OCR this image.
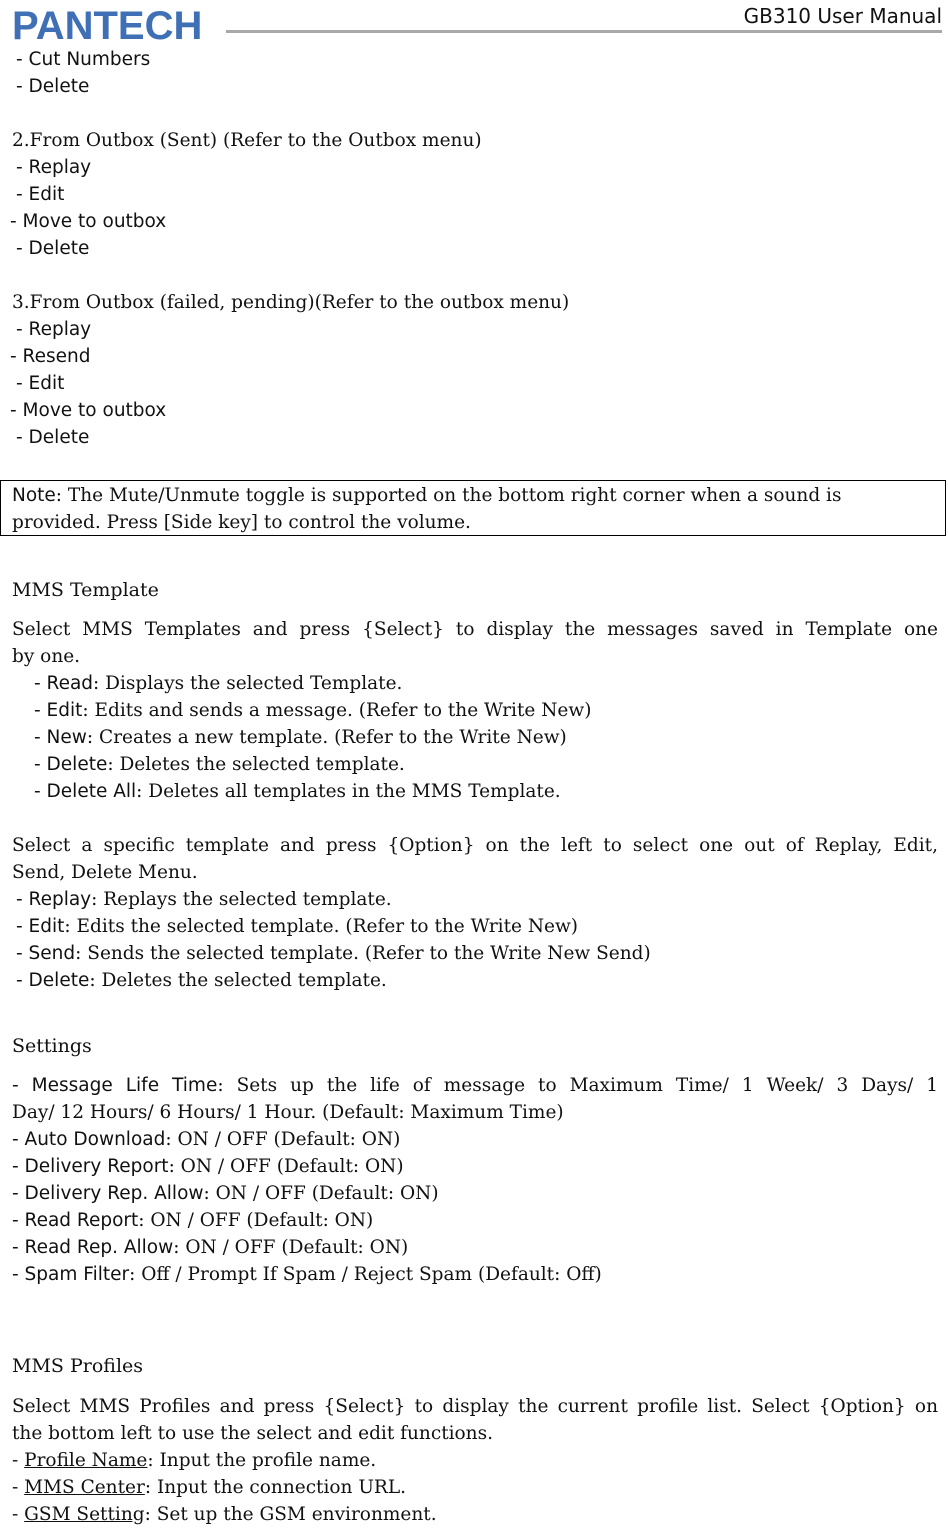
PANTECH	GB310 User Manual
- Cut Numbers
- Delete
2.From Outbox (Sent) (Refer to the Outbox menu)
- Replay
- Edit
- Move to outbox
- Delete
3.From Outbox (failed, pending)(Refer to the outbox menu)
- Replay
- Resend
- Edit
- Move to outbox
- Delete
Note: The Mute/Unmute toggle is supported on the bottom right corner when a sound is
provided. Press [Side key] to control the volume.
MMS Template
Select MMS Templates and press {Select} to display the messages saved in Template one
by one.
- Read: Displays the selected Template.
- Edit: Edits and sends a message. (Refer to the Write New)
- New: Creates a new template. (Refer to the Write New)
- Delete: Deletes the selected template.
- Delete All: Deletes all templates in the MMS Template.
Select a specific template and press {Option} on the left to select one out of Replay, Edit,
Send, Delete Menu.
- Replay: Replays the selected template.
- Edit: Edits the selected template. (Refer to the Write New)
- Send: Sends the selected template. (Refer to the Write New Send)
- Delete: Deletes the selected template.
Settings
- Message Life Time: Sets up the life of message to Maximum Time/ 1 Week/ 3 Days/ 1
Day/ 12 Hours/ 6 Hours/ 1 Hour. (Default: Maximum Time)
- Auto Download: ON / OFF (Default: ON)
- Delivery Report: ON / OFF (Default: ON)
- Delivery Rep. Allow: ON / OFF (Default: ON)
- Read Report: ON / OFF (Default: ON)
- Read Rep. Allow: ON / OFF (Default: ON)
- Spam Filter: Off / Prompt If Spam / Reject Spam (Default: Off)
MMS Profiles
Select MMS Profiles and press {Select} to display the current profile list. Select {Option} on
the bottom left to use the select and edit functions.
- Profile Name: Input the profile name.
- MMS Center: Input the connection URL.
- GSM Setting: Set up the GSM environment.
